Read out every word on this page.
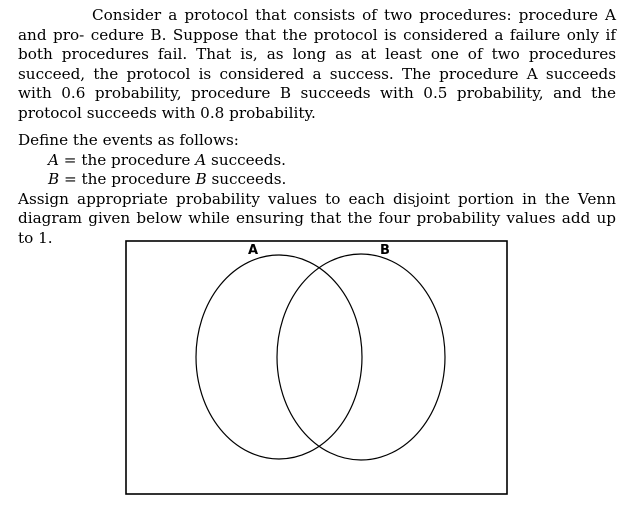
Consider a protocol that consists of two procedures: procedure A and pro- cedure B. Suppose that the protocol is considered a failure only if both procedures fail. That is, as long as at least one of two procedures succeed, the protocol is considered a success. The procedure A succeeds with 0.6 probability, procedure B succeeds with 0.5 probability, and the protocol succeeds with 0.8 probability.

Define the events as follows:

A = the procedure A succeeds.

B = the procedure B succeeds.

Assign appropriate probability values to each disjoint portion in the Venn diagram given below while ensuring that the four probability values add up to 1.

A	B
